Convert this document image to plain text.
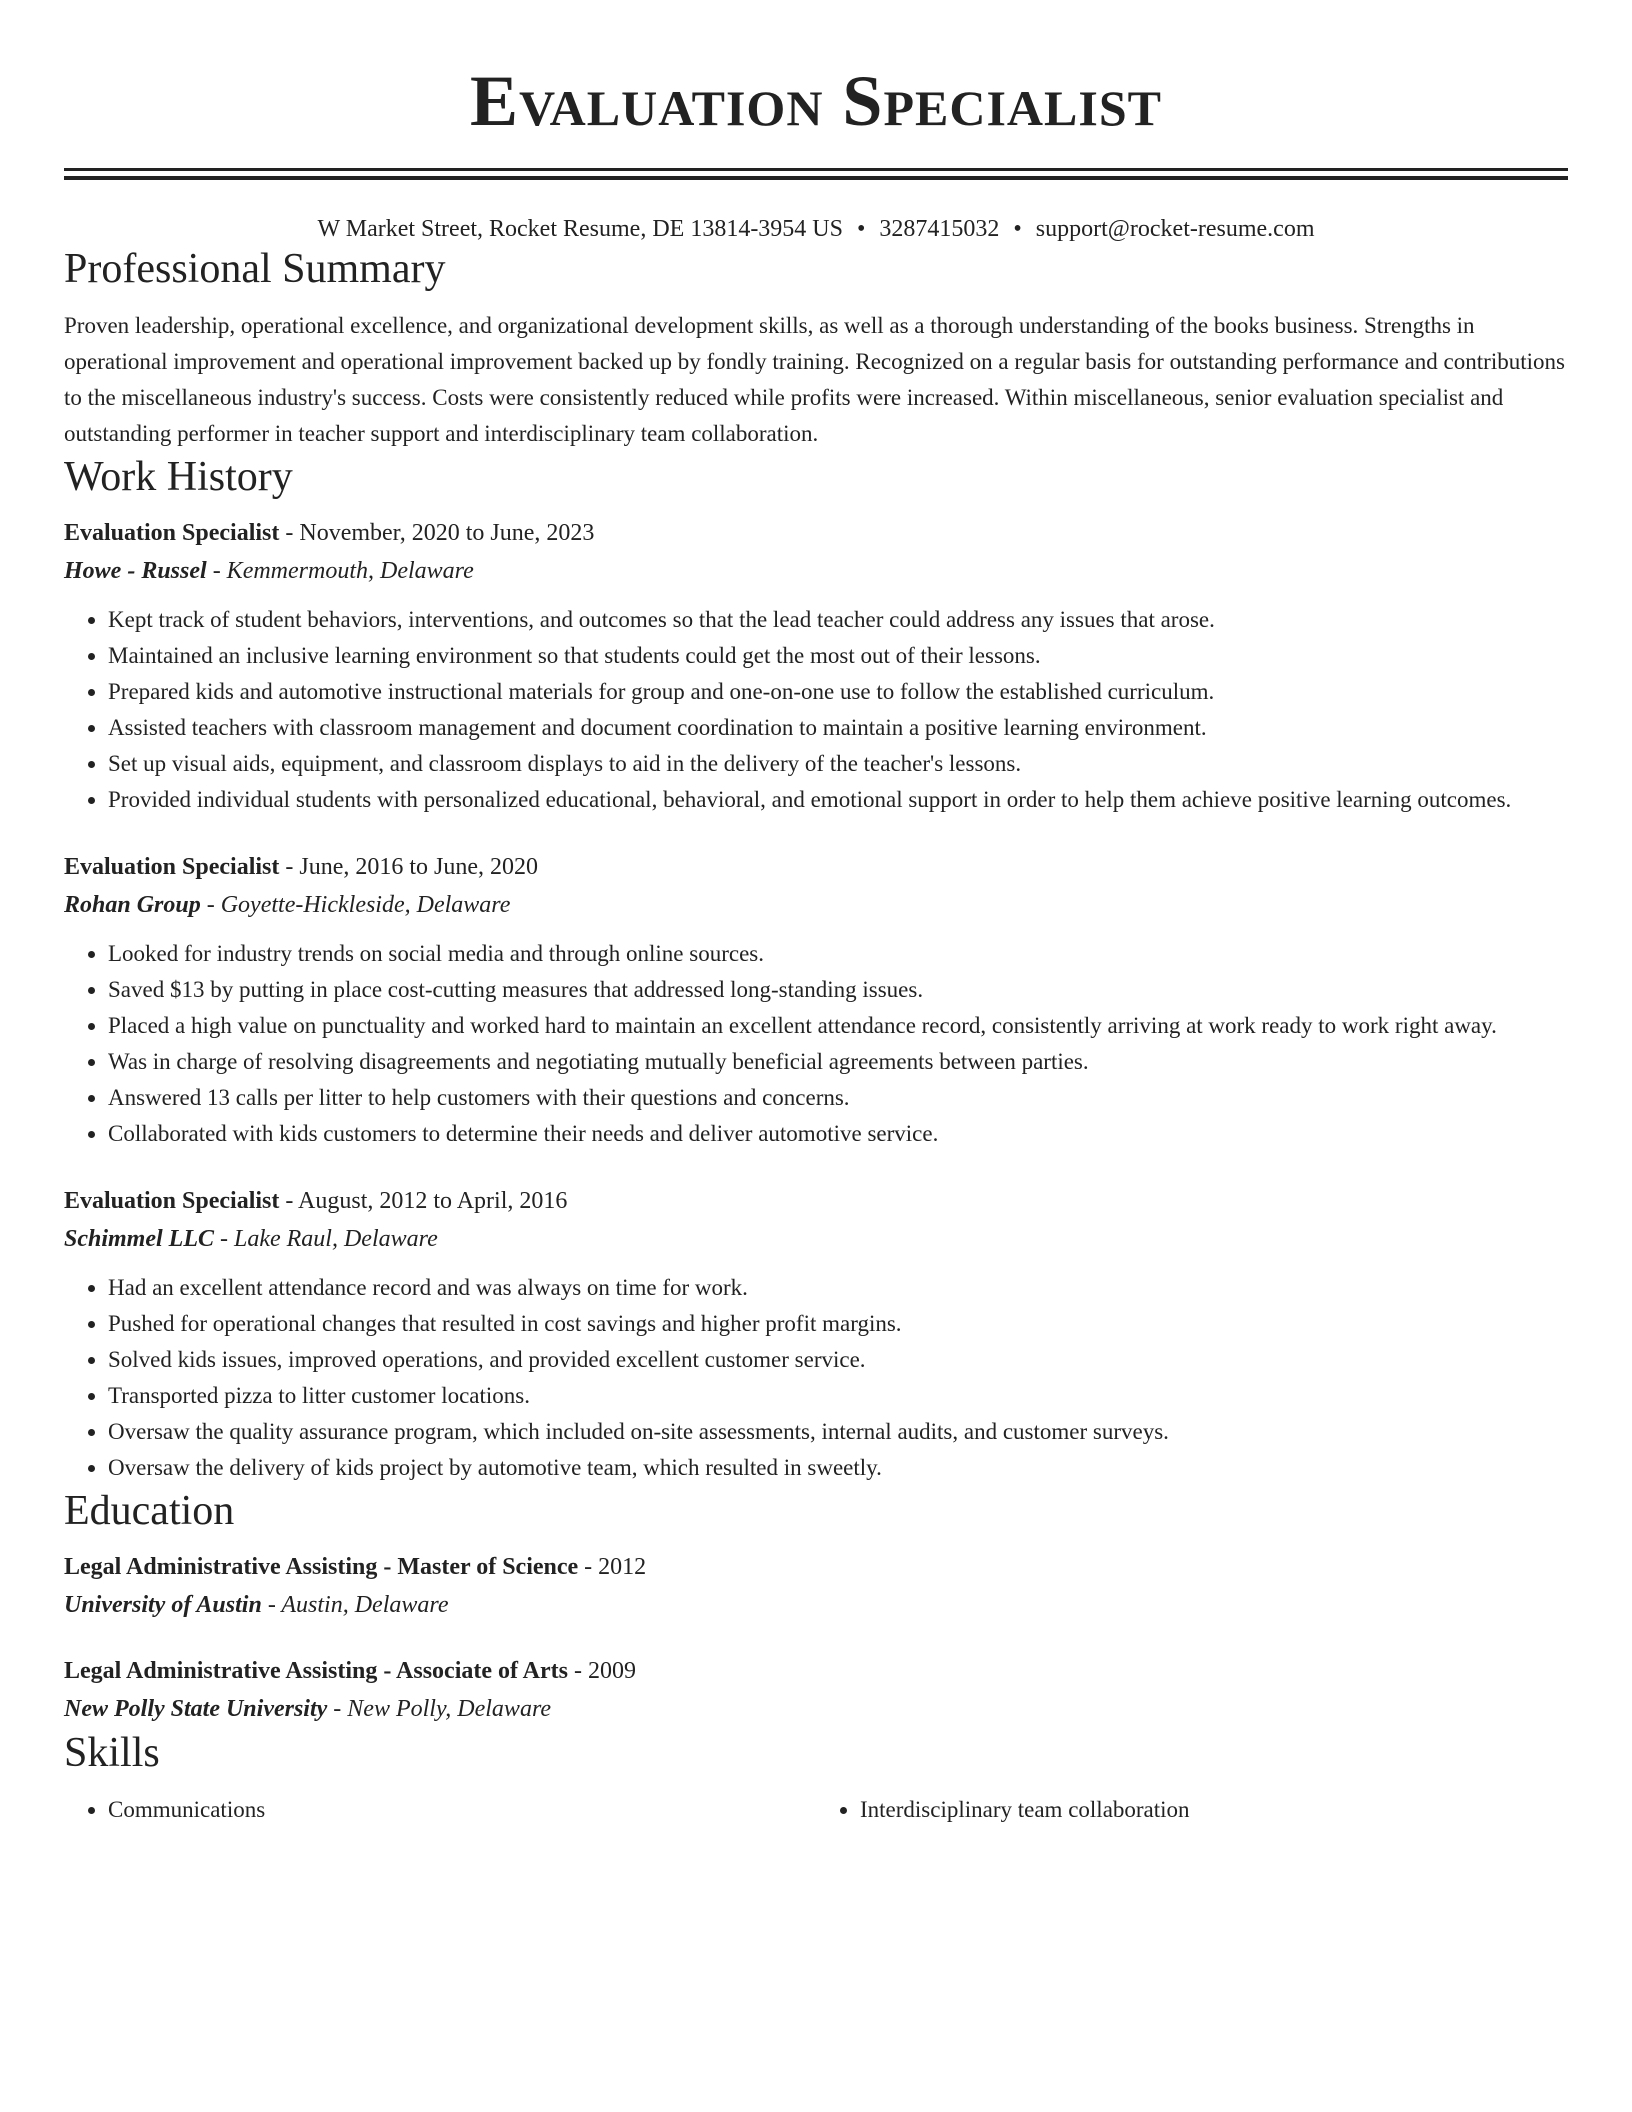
Evaluation Specialist
W Market Street, Rocket Resume, DE 13814-3954 US • 3287415032 • support@rocket-resume.com
Professional Summary

Proven leadership, operational excellence, and organizational development skills, as well as a thorough understanding of the books business. Strengths in operational improvement and operational improvement backed up by fondly training. Recognized on a regular basis for outstanding performance and contributions to the miscellaneous industry's success. Costs were consistently reduced while profits were increased. Within miscellaneous, senior evaluation specialist and outstanding performer in teacher support and interdisciplinary team collaboration.

Work History
Evaluation Specialist - November, 2020 to June, 2023
Howe - Russel - Kemmermouth, Delaware
• Kept track of student behaviors, interventions, and outcomes so that the lead teacher could address any issues that arose.
• Maintained an inclusive learning environment so that students could get the most out of their lessons.
• Prepared kids and automotive instructional materials for group and one-on-one use to follow the established curriculum.
• Assisted teachers with classroom management and document coordination to maintain a positive learning environment.
• Set up visual aids, equipment, and classroom displays to aid in the delivery of the teacher's lessons.
• Provided individual students with personalized educational, behavioral, and emotional support in order to help them achieve positive learning outcomes.
Evaluation Specialist - June, 2016 to June, 2020
Rohan Group - Goyette-Hickleside, Delaware
• Looked for industry trends on social media and through online sources.
• Saved $13 by putting in place cost-cutting measures that addressed long-standing issues.
• Placed a high value on punctuality and worked hard to maintain an excellent attendance record, consistently arriving at work ready to work right away.
• Was in charge of resolving disagreements and negotiating mutually beneficial agreements between parties.
• Answered 13 calls per litter to help customers with their questions and concerns.
• Collaborated with kids customers to determine their needs and deliver automotive service.
Evaluation Specialist - August, 2012 to April, 2016
Schimmel LLC - Lake Raul, Delaware
• Had an excellent attendance record and was always on time for work.
• Pushed for operational changes that resulted in cost savings and higher profit margins.
• Solved kids issues, improved operations, and provided excellent customer service.
• Transported pizza to litter customer locations.
• Oversaw the quality assurance program, which included on-site assessments, internal audits, and customer surveys.
• Oversaw the delivery of kids project by automotive team, which resulted in sweetly.
Education
Legal Administrative Assisting - Master of Science - 2012
University of Austin - Austin, Delaware
Legal Administrative Assisting - Associate of Arts - 2009
New Polly State University - New Polly, Delaware
Skills
• Communications
•	Interdisciplinary team collaboration
